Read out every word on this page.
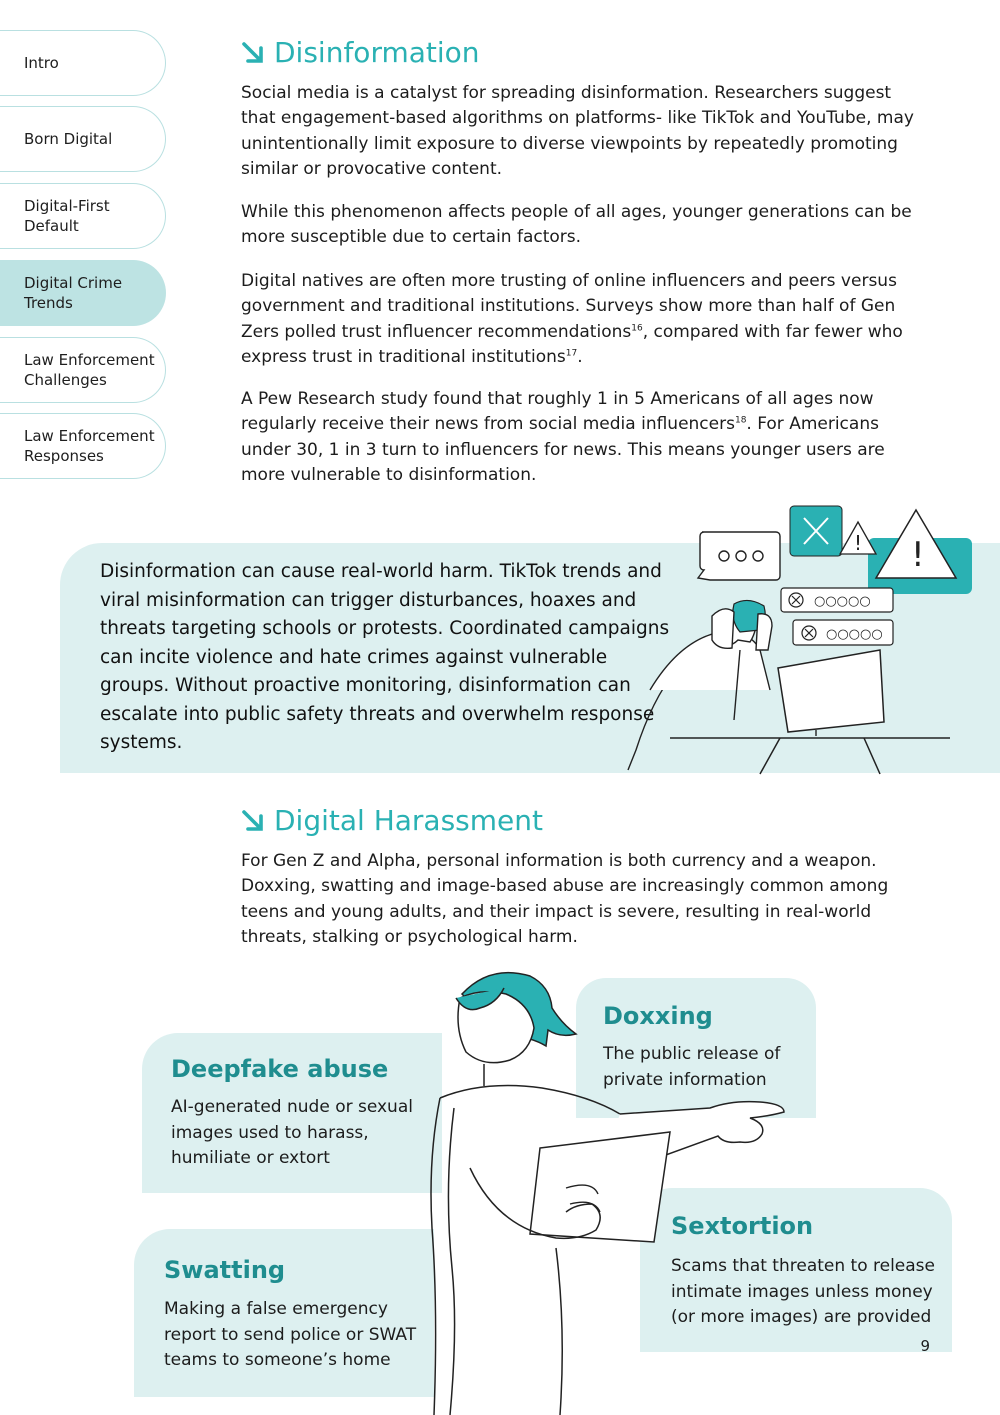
Intro
Born Digital
Digital-First
Default
Digital Crime
Trends
Law Enforcement
Challenges
Law Enforcement
Responses
Disinformation

Social media is a catalyst for spreading disinformation. Researchers suggest that engagement-based algorithms on platforms- like TikTok and YouTube, may unintentionally limit exposure to diverse viewpoints by repeatedly promoting similar or provocative content.

While this phenomenon affects people of all ages, younger generations can be more susceptible due to certain factors.

Digital natives are often more trusting of online influencers and peers versus government and traditional institutions. Surveys show more than half of Gen Zers polled trust influencer recommendations$^{16}$, compared with far fewer who express trust in traditional institutions$^{17}$.

A Pew Research study found that roughly 1 in 5 Americans of all ages now regularly receive their news from social media influencers$^{18}$. For Americans under 30, 1 in 3 turn to influencers for news. This means younger users are more vulnerable to disinformation.

Disinformation can cause real-world harm. TikTok trends and viral misinformation can trigger disturbances, hoaxes and threats targeting schools or protests. Coordinated campaigns can incite violence and hate crimes against vulnerable groups. Without proactive monitoring, disinformation can escalate into public safety threats and overwhelm response systems.

! !
○○○○○
○○○○○
Digital Harassment

For Gen Z and Alpha, personal information is both currency and a weapon. Doxxing, swatting and image-based abuse are increasingly common among teens and young adults, and their impact is severe, resulting in real-world threats, stalking or psychological harm.

Doxxing

The public release of
private information

Deepfake abuse

AI-generated nude or sexual
images used to harass,
humiliate or extort

Sextortion

Scams that threaten to release
intimate images unless money
(or more images) are provided

Swatting

Making a false emergency
report to send police or SWAT
teams to someone’s home

9
